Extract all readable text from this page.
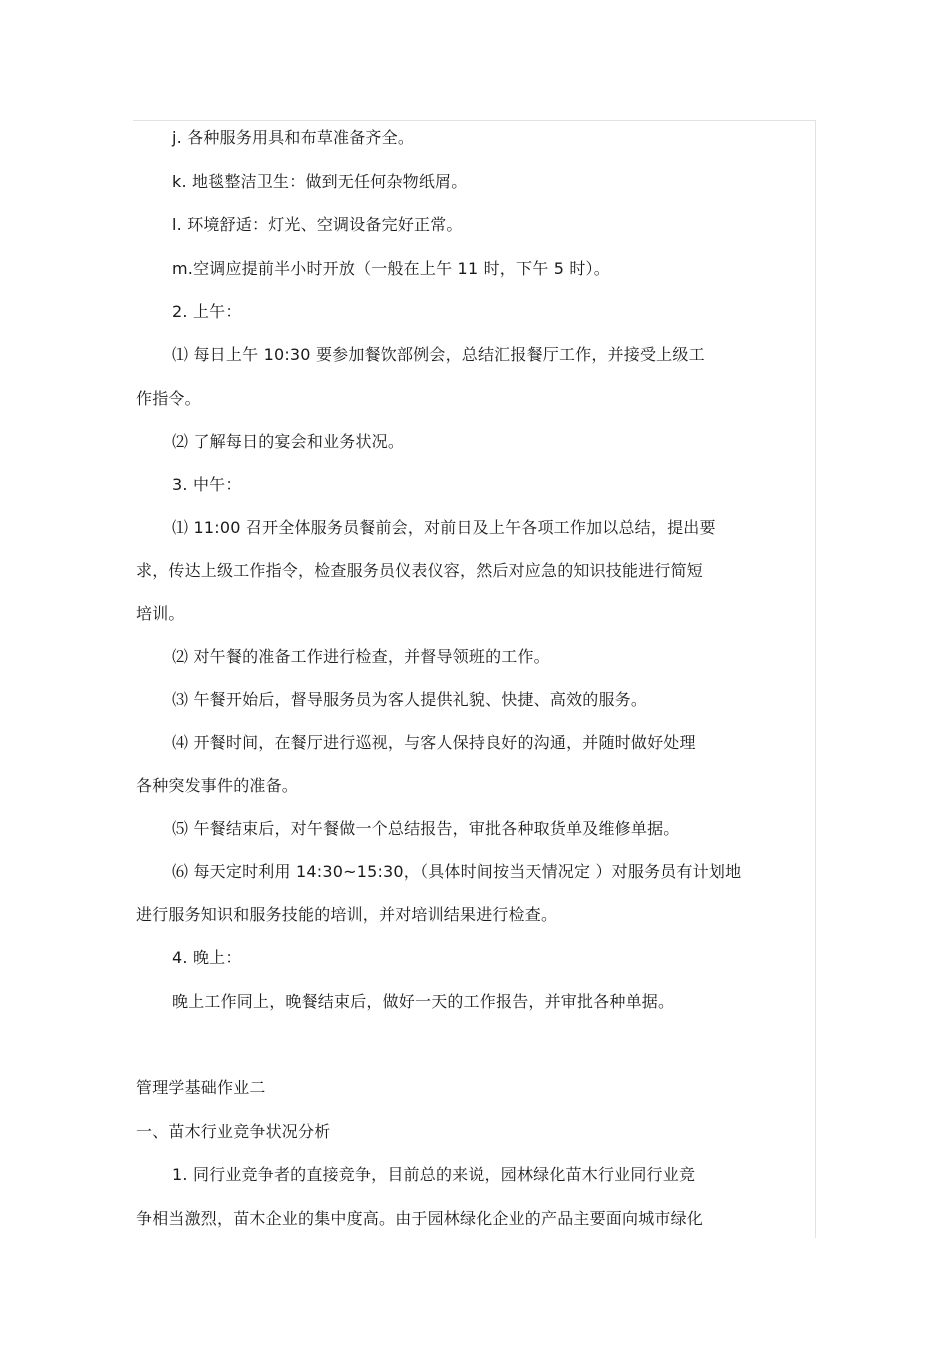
j. 各种服务用具和布草准备齐全。
k. 地毯整洁卫生：做到无任何杂物纸屑。
l. 环境舒适：灯光、空调设备完好正常。
m.空调应提前半小时开放（一般在上午 11 时，下午 5 时）。
2. 上午：
⑴ 每日上午 10:30 要参加餐饮部例会，总结汇报餐厅工作，并接受上级工
作指令。
⑵ 了解每日的宴会和业务状况。
3. 中午：
⑴ 11:00 召开全体服务员餐前会，对前日及上午各项工作加以总结，提出要
求，传达上级工作指令，检查服务员仪表仪容，然后对应急的知识技能进行简短
培训。
⑵ 对午餐的准备工作进行检查，并督导领班的工作。
⑶ 午餐开始后，督导服务员为客人提供礼貌、快捷、高效的服务。
⑷ 开餐时间，在餐厅进行巡视，与客人保持良好的沟通，并随时做好处理
各种突发事件的准备。
⑸ 午餐结束后，对午餐做一个总结报告，审批各种取货单及维修单据。
⑹ 每天定时利用 14:30~15:30，（具体时间按当天情况定 ）对服务员有计划地
进行服务知识和服务技能的培训，并对培训结果进行检查。
4. 晚上：
晚上工作同上，晚餐结束后，做好一天的工作报告，并审批各种单据。
管理学基础作业二
一、苗木行业竞争状况分析
1. 同行业竞争者的直接竞争，目前总的来说，园林绿化苗木行业同行业竞
争相当激烈，苗木企业的集中度高。由于园林绿化企业的产品主要面向城市绿化
